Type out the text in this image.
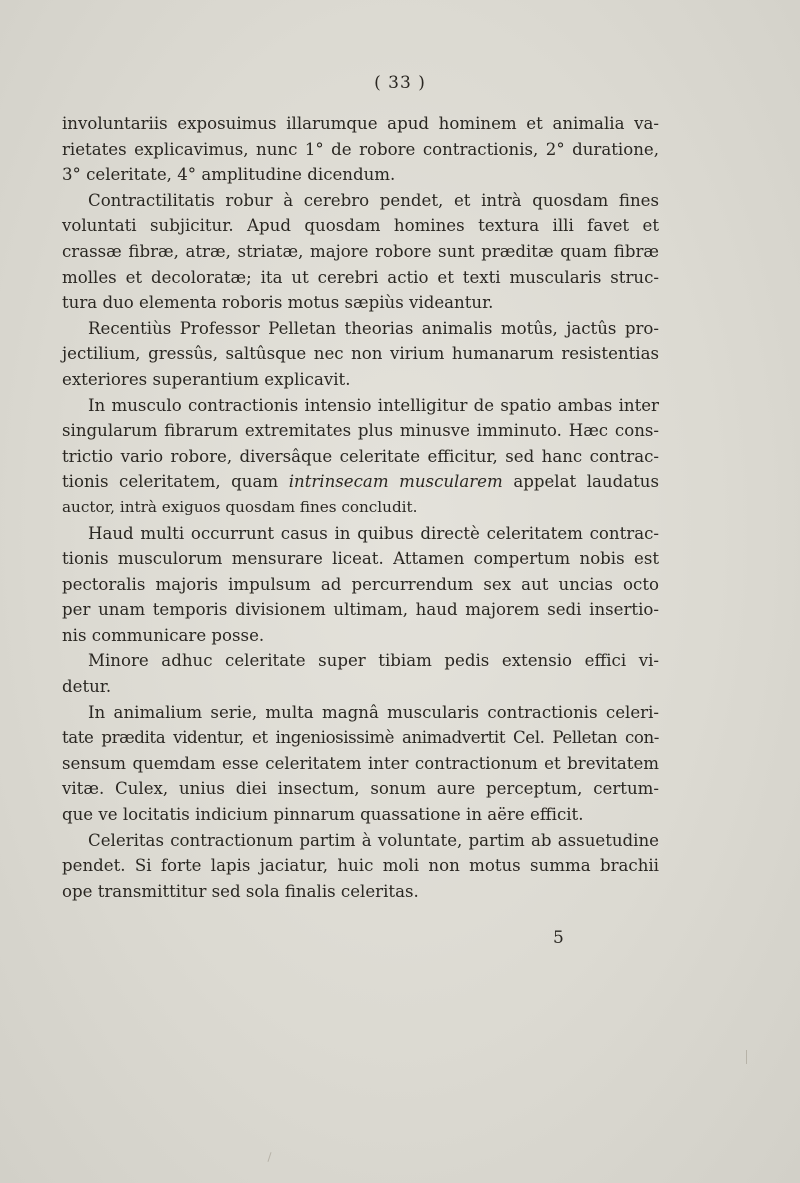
( 33 )

involuntariis exposuimus illarumque apud hominem et animalia va-
rietates explicavimus, nunc 1° de robore contractionis, 2° duratione,
3° celeritate, 4° amplitudine dicendum.

Contractilitatis robur à cerebro pendet, et intrà quosdam fines
voluntati subjicitur. Apud quosdam homines textura illi favet et
crassæ fibræ, atræ, striatæ, majore robore sunt præditæ quam fibræ
molles et decoloratæ; ita ut cerebri actio et texti muscularis struc-
tura duo elementa roboris motus sæpiùs videantur.

Recentiùs Professor Pelletan theorias animalis motûs, jactûs pro-
jectilium, gressûs, saltûsque nec non virium humanarum resistentias
exteriores superantium explicavit.

In musculo contractionis intensio intelligitur de spatio ambas inter
singularum fibrarum extremitates plus minusve imminuto. Hæc cons-
trictio vario robore, diversâque celeritate efficitur, sed hanc contrac-
tionis celeritatem, quam intrinsecam muscularem appelat laudatus
auctor, intrà exiguos quosdam fines concludit.

Haud multi occurrunt casus in quibus directè celeritatem contrac-
tionis musculorum mensurare liceat. Attamen compertum nobis est
pectoralis majoris impulsum ad percurrendum sex aut uncias octo
per unam temporis divisionem ultimam, haud majorem sedi insertio-
nis communicare posse.

Minore adhuc celeritate super tibiam pedis extensio effici vi-
detur.

In animalium serie, multa magnâ muscularis contractionis celeri-
tate prædita videntur, et ingeniosissimè animadvertit Cel. Pelletan con-
sensum quemdam esse celeritatem inter contractionum et brevitatem
vitæ. Culex, unius diei insectum, sonum aure perceptum, certum-
que ve locitatis indicium pinnarum quassatione in aëre efficit.

Celeritas contractionum partim à voluntate, partim ab assuetudine
pendet. Si forte lapis jaciatur, huic moli non motus summa brachii
ope transmittitur sed sola finalis celeritas.

5
